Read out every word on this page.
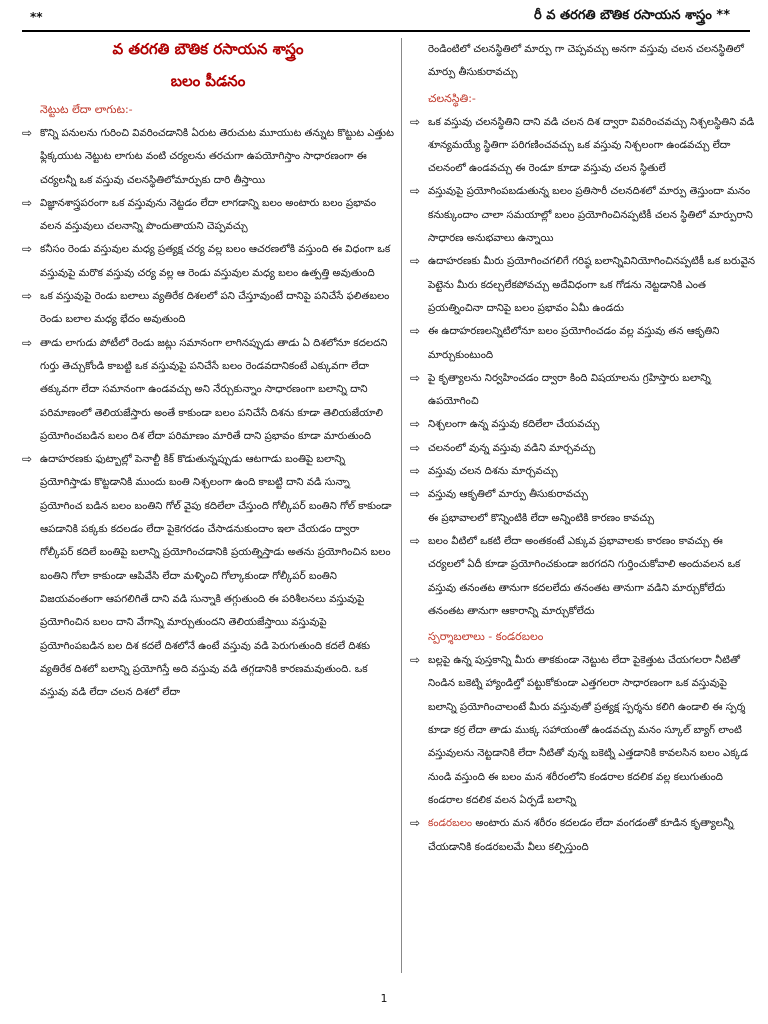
**	రీ వ తరగతి బౌతిక రసాయన శాస్త్రం **
వ తరగతి బౌతిక రసాయన శాస్త్రం
బలం పీడనం
నెట్టుట లేదా లాగుట:-

⇨ కొన్ని పనులను గురించి వివరించడానికి ఏరుట తెరుచుట మూయుట తన్నుట కొట్టుట ఎత్తుట ఫ్లిక్కయుట నెట్టుట లాగుట వంటి చర్యలను తరచుగా ఉపయోగిస్తాం సాధారణంగా ఈ చర్యలన్నీ ఒక వస్తువు చలనస్థితిలోమార్పుకు దారి తీస్తాయి

⇨ విజ్ఞానశాస్త్రపరంగా ఒక వస్తువును నెట్టడం లేదా లాగడాన్ని బలం అంటారు బలం ప్రభావం వలన వస్తువులు చలనాన్ని పొందుతాయని చెప్పవచ్చు

⇨ కనీసం రెండు వస్తువుల మధ్య ప్రత్యక్ష చర్య వల్ల బలం ఆచరణలోకి వస్తుంది ఈ విధంగా ఒక వస్తువుపై మరొక వస్తువు చర్య వల్ల ఆ రెండు వస్తువుల మధ్య బలం ఉత్పత్తి అవుతుంది

⇨ ఒక వస్తువుపై రెండు బలాలు వ్యతిరేక దిశలలో పని చేస్తూవుంటే దానిపై పనిచేసే ఫలితబలం రెండు బలాల మధ్య భేదం అవుతుంది

⇨ తాడు లాగుడు పోటీలో రెండు జట్లు సమానంగా లాగినప్పుడు తాడు ఏ దిశలోనూ కదలదని గుర్తు తెచ్చుకోండి కాబట్టి ఒక వస్తువుపై పనిచేసే బలం రెండవదానికంటే ఎక్కువగా లేదా తక్కువగా లేదా సమానంగా ఉండవచ్చు అని నేర్చుకున్నాం సాధారణంగా బలాన్ని దాని పరిమాణంలో తెలియజేస్తారు అంతే కాకుండా బలం పనిచేసే దిశను కూడా తెలియజేయాలి ప్రయోగించబడిన బలం దిశ లేదా పరిమాణం మారితే దాని ప్రభావం కూడా మారుతుంది

⇨ ఉదాహరణకు ఫుట్బాల్లో పెనాల్టీ కిక్ కొడుతున్నప్పుడు ఆటగాడు బంతిపై బలాన్ని ప్రయోగిస్తాడు కొట్టడానికి ముందు బంతి నిశ్చలంగా ఉంది కాబట్టి దాని వడి సున్నా ప్రయోగించ బడిన బలం బంతిని గోల్ వైపు కదిలేలా చేస్తుంది గోల్కీపర్ బంతిని గోల్ కాకుండా ఆపడానికి పక్కకు కదలడం లేదా పైకెగరడం చేసాడనుకుందాం ఇలా చేయడం ద్వారా గోల్కీపర్ కదిలే బంతిపై బలాన్ని ప్రయోగించడానికి ప్రయత్నిస్తాడు అతను ప్రయోగించిన బలం బంతిని గోలా కాకుండా ఆపివేసి లేదా మళ్ళించి గోల్కాకుండా గోల్కీపర్ బంతిని విజయవంతంగా ఆపగలిగితే దాని వడి సున్నాకి తగ్గుతుంది ఈ పరిశీలనలు వస్తువుపై ప్రయోగించిన బలం దాని వేగాన్ని మార్చుతుందని తెలియజేస్తాయి వస్తువుపై ప్రయోగింపబడిన బల దిశ కదలే దిశలోనే ఉంటే వస్తువు వడి పెరుగుతుంది కదలే దిశకు వ్యతిరేక దిశలో బలాన్ని ప్రయోగిస్తే అది వస్తువు వడి తగ్గడానికి కారణమవుతుంది. ఒక వస్తువు వడి లేదా చలన దిశలో లేదా

రెండింటిలో చలనస్థితిలో మార్పు గా చెప్పవచ్చు అనగా వస్తువు చలన చలనస్థితిలో మార్పు తీసుకురావచ్చు

చలనస్థితి:-

⇨ ఒక వస్తువు చలనస్థితిని దాని వడి చలన దిశ ద్వారా వివరించవచ్చు నిశ్చలస్థితిని వడి శూన్యమయ్యే స్థితిగా పరిగణించవచ్చు ఒక వస్తువు నిశ్చలంగా ఉండవచ్చు లేదా చలనంలో ఉండవచ్చు ఈ రెండూ కూడా వస్తువు చలన స్థితులే

⇨ వస్తువుపై ప్రయోగింపబడుతున్న బలం ప్రతిసారీ చలనదిశలో మార్పు తెస్తుందా మనం కనుక్కుందాం చాలా సమయాల్లో బలం ప్రయోగించినప్పటికీ చలన స్థితిలో మార్పురాని సాధారణ అనుభవాలు ఉన్నాయి

⇨ ఉదాహరణకు మీరు ప్రయోగించగలిగే గరిష్ఠ బలాన్నివినియోగించినప్పటికీ ఒక బరువైన పెట్టెను మీరు కదల్చలేకపోవచ్చు అదేవిధంగా ఒక గోడను నెట్టడానికి ఎంత ప్రయత్నించినా దానిపై బలం ప్రభావం ఏమీ ఉండదు

⇨ ఈ ఉదాహరణలన్నిటిలోనూ బలం ప్రయోగించడం వల్ల వస్తువు తన ఆకృతిని మార్చుకుంటుంది

⇨ పై కృత్యాలను నిర్వహించడం ద్వారా కింది విషయాలను గ్రహిస్తారు బలాన్ని ఉపయోగించి

⇨ నిశ్చలంగా ఉన్న వస్తువు కదిలేలా చేయవచ్చు

⇨ చలనంలో వున్న వస్తువు వడిని మార్చవచ్చు

⇨ వస్తువు చలన దిశను మార్చవచ్చు

⇨ వస్తువు ఆకృతిలో మార్పు తీసుకురావచ్చు

ఈ ప్రభావాలలో కొన్నింటికి లేదా అన్నింటికి కారణం కావచ్చు

⇨ బలం వీటిలో ఒకటి లేదా అంతకంటే ఎక్కువ ప్రభావాలకు కారణం కావచ్చు ఈ చర్యలలో ఏదీ కూడా ప్రయోగించకుండా జరగదని గుర్తించుకోవాలి అందువలన ఒక వస్తువు తనంతట తానుగా కదలలేదు తనంతట తానుగా వడిని మార్చుకోలేదు తనంతట తానుగా ఆకారాన్ని మార్చుకోలేదు

స్పర్శాబలాలు - కండరబలం

⇨ బల్లపై ఉన్న పుస్తకాన్ని మీరు తాకకుండా నెట్టుట లేదా పైకెత్తుట చేయగలరా నీటితో నిండిన బకెట్ని హ్యాండిల్తో పట్టుకోకుండా ఎత్తగలరా సాధారణంగా ఒక వస్తువుపై బలాన్ని ప్రయోగించాలంటే మీరు వస్తువుతో ప్రత్యక్ష స్పర్శను కలిగి ఉండాలి ఈ స్పర్శ కూడా కర్ర లేదా తాడు ముక్క సహాయంతో ఉండవచ్చు మనం స్కూల్ బ్యాగ్ లాంటి వస్తువులను నెట్టడానికి లేదా నీటితో వున్న బకెట్ని ఎత్తడానికి కావలసిన బలం ఎక్కడ నుండి వస్తుంది ఈ బలం మన శరీరంలోని కండరాల కదలిక వల్ల కలుగుతుంది కండరాల కదలిక వలన ఏర్పడే బలాన్ని

⇨ కండరబలం అంటారు మన శరీరం కదలడం లేదా వంగడంతో కూడిన కృత్యాలన్నీ చేయడానికి కండరబలమే వీలు కల్పిస్తుంది

1
